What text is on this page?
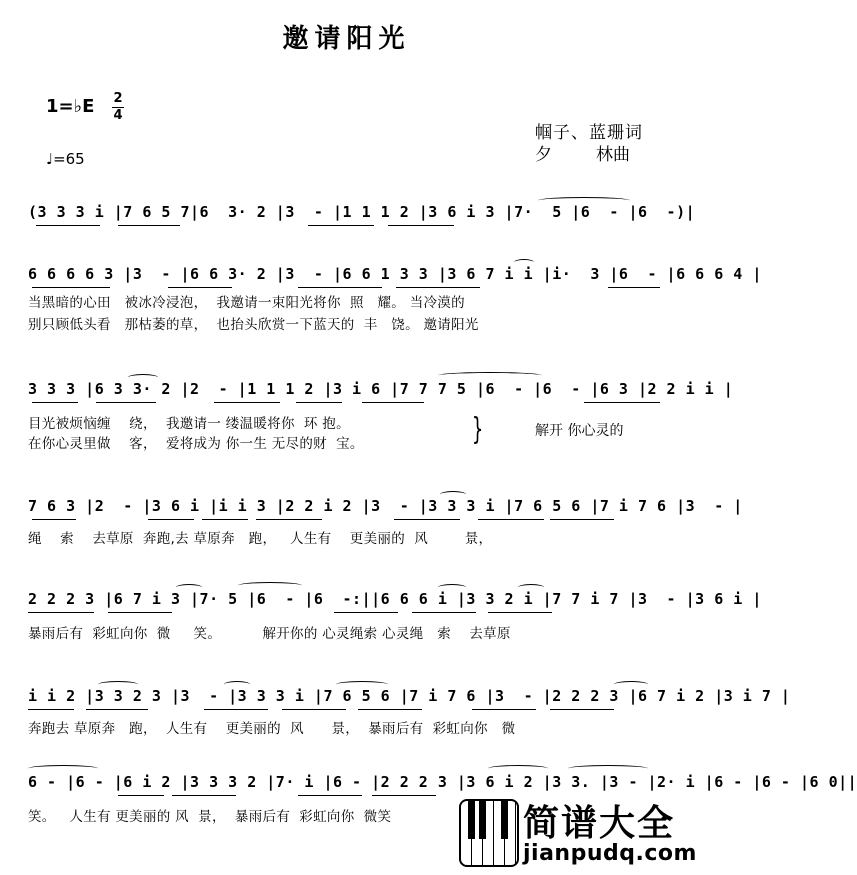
邀请阳光
1=♭E 2
4
♩=65
帼子、蓝珊词
夕	林曲
(3 3 3 i |7 6 5 7|6  3· 2 |3  - |1 1 1 2 |3 6 i 3 |7·  5 |6  - |6  -)|
6 6 6 6 3 |3  - |6 6 3· 2 |3  - |6 6 1 3 3 |3 6 7 i i |i·  3 |6  - |6 6 6 4 |
当黑暗的心田   被冰冷浸泡，  我邀请一束阳光将你  照   耀。 当冷漠的
别只顾低头看   那枯萎的草，  也抬头欣赏一下蓝天的  丰   饶。 邀请阳光
3 3 3 |6 3 3· 2 |2  - |1 1 1 2 |3 i 6 |7 7 7 5 |6  - |6  - |6 3 |2 2 i i |
目光被烦恼缠    绕，  我邀请一 缕温暖将你  环 抱。
在你心灵里做    客，  爱将成为 你一生 无尽的财  宝。	}	解开 你心灵的
7 6 3 |2  - |3 6 i |i i 3 |2 2 i 2 |3  - |3 3 3 i |7 6 5 6 |7 i 7 6 |3  - |
绳    索    去草原  奔跑,去 草原奔   跑，   人生有    更美丽的  风        景，
2 2 2 3 |6 7 i 3 |7· 5 |6  - |6  -:||6 6 6 i |3 3 2 i |7 7 i 7 |3  - |3 6 i |
暴雨后有  彩虹向你  微     笑。         解开你的 心灵绳索 心灵绳   索    去草原
i i 2 |3 3 2 3 |3  - |3 3 3 i |7 6 5 6 |7 i 7 6 |3  - |2 2 2 3 |6 7 i 2 |3 i 7 |
奔跑去 草原奔   跑，  人生有    更美丽的  风      景，  暴雨后有  彩虹向你   微
6 - |6 - |6 i 2 |3 3 3 2 |7· i |6 - |2 2 2 3 |3 6 i 2 |3 3. |3 - |2· i |6 - |6 - |6 0||
笑。   人生有 更美丽的 风  景，  暴雨后有  彩虹向你  微笑	简谱大全
jianpudq.com
